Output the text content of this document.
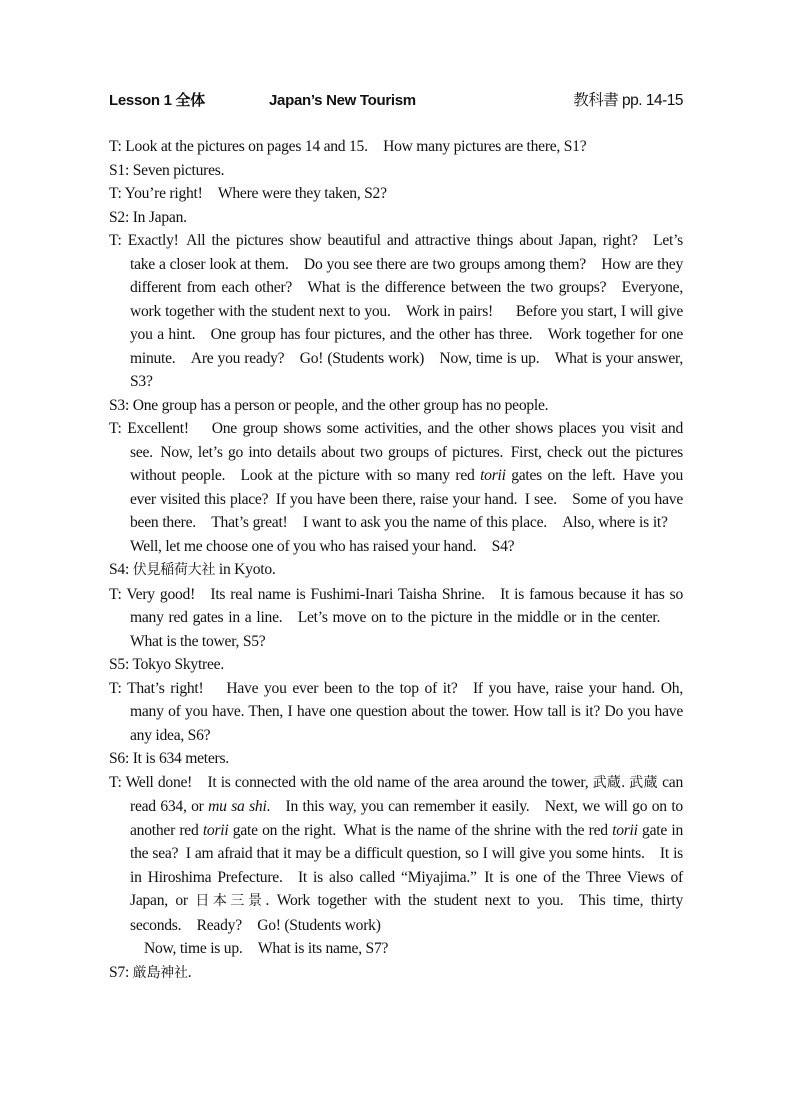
Lesson 1 全体	Japan’s New Tourism	教科書 pp. 14-15

T: Look at the pictures on pages 14 and 15. How many pictures are there, S1?

S1: Seven pictures.

T: You’re right! Where were they taken, S2?

S2: In Japan.

T: Exactly! All the pictures show beautiful and attractive things about Japan, right? Let’s take a closer look at them. Do you see there are two groups among them? How are they different from each other? What is the difference between the two groups? Everyone, work together with the student next to you. Work in pairs!  Before you start, I will give you a hint. One group has four pictures, and the other has three. Work together for one minute. Are you ready? Go! (Students work) Now, time is up. What is your answer, S3?

S3: One group has a person or people, and the other group has no people.

T: Excellent!  One group shows some activities, and the other shows places you visit and see. Now, let’s go into details about two groups of pictures. First, check out the pictures without people. Look at the picture with so many red torii gates on the left. Have you ever visited this place? If you have been there, raise your hand. I see. Some of you have been there. That’s great! I want to ask you the name of this place. Also, where is it? Well, let me choose one of you who has raised your hand. S4?

S4: 伏見稲荷大社 in Kyoto.

T: Very good! Its real name is Fushimi-Inari Taisha Shrine. It is famous because it has so many red gates in a line. Let’s move on to the picture in the middle or in the center.  What is the tower, S5?

S5: Tokyo Skytree.

T: That’s right!  Have you ever been to the top of it? If you have, raise your hand. Oh, many of you have. Then, I have one question about the tower. How tall is it? Do you have any idea, S6?

S6: It is 634 meters.

T: Well done! It is connected with the old name of the area around the tower, 武蔵. 武蔵 can read 634, or mu sa shi. In this way, you can remember it easily. Next, we will go on to another red torii gate on the right. What is the name of the shrine with the red torii gate in the sea? I am afraid that it may be a difficult question, so I will give you some hints. It is in Hiroshima Prefecture. It is also called “Miyajima.” It is one of the Three Views of Japan, or 日本三景. Work together with the student next to you. This time, thirty seconds. Ready? Go! (Students work)
Now, time is up. What is its name, S7?

S7: 厳島神社.
